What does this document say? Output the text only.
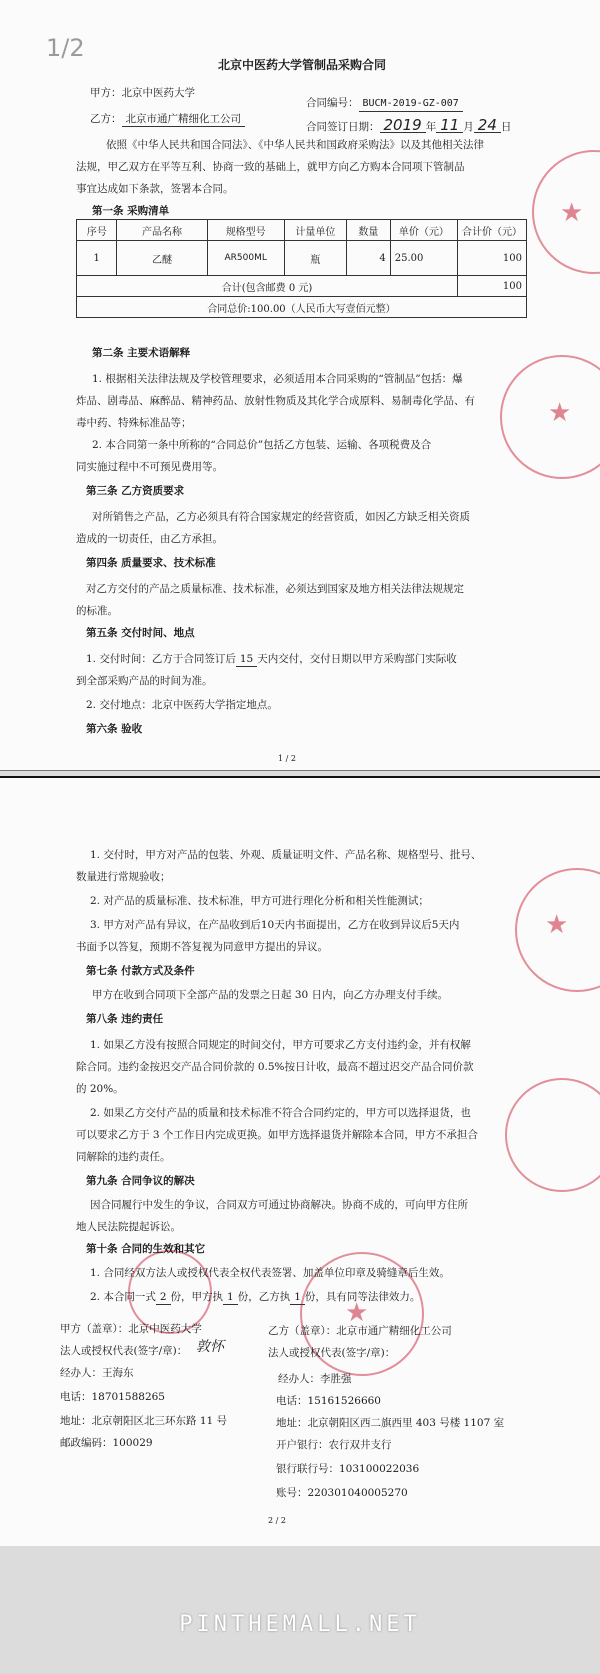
1/2
★
★
北京中医药大学管制品采购合同
甲方：北京中医药大学
合同编号： BUCM-2019-GZ-007
乙方： 北京市通广精细化工公司
合同签订日期： 2019 年 11 月 24 日
依照《中华人民共和国合同法》、《中华人民共和国政府采购法》以及其他相关法律
法规，甲乙双方在平等互利、协商一致的基础上，就甲方向乙方购本合同项下管制品
事宜达成如下条款，签署本合同。
第一条 采购清单
序号	产品名称	规格型号	计量单位	数量	单价（元）	合计价（元）
1	乙醚	AR500ML	瓶	4	25.00	100
合计(包含邮费 0 元)						100
合同总价:100.00（人民币大写壹佰元整）						
第二条 主要术语解释
1. 根据相关法律法规及学校管理要求，必须适用本合同采购的“管制品”包括：爆
炸品、剧毒品、麻醉品、精神药品、放射性物质及其化学合成原料、易制毒化学品、有
毒中药、特殊标准品等；
2. 本合同第一条中所称的“合同总价”包括乙方包装、运输、各项税费及合
同实施过程中不可预见费用等。
第三条 乙方资质要求
对所销售之产品，乙方必须具有符合国家规定的经营资质，如因乙方缺乏相关资质
造成的一切责任，由乙方承担。
第四条 质量要求、技术标准
对乙方交付的产品之质量标准、技术标准，必须达到国家及地方相关法律法规规定
的标准。
第五条 交付时间、地点
1. 交付时间：乙方于合同签订后 15 天内交付，交付日期以甲方采购部门实际收
到全部采购产品的时间为准。
2. 交付地点：北京中医药大学指定地点。
第六条 验收
1 / 2
★
★
1. 交付时，甲方对产品的包装、外观、质量证明文件、产品名称、规格型号、批号、
数量进行常规验收；
2. 对产品的质量标准、技术标准，甲方可进行理化分析和相关性能测试；
3. 甲方对产品有异议，在产品收到后10天内书面提出，乙方在收到异议后5天内
书面予以答复，预期不答复视为同意甲方提出的异议。
第七条 付款方式及条件
甲方在收到合同项下全部产品的发票之日起 30 日内，向乙方办理支付手续。
第八条 违约责任
1. 如果乙方没有按照合同规定的时间交付，甲方可要求乙方支付违约金，并有权解
除合同。违约金按迟交产品合同价款的 0.5%按日计收，最高不超过迟交产品合同价款
的 20%。
2. 如果乙方交付产品的质量和技术标准不符合合同约定的，甲方可以选择退货，也
可以要求乙方于 3 个工作日内完成更换。如甲方选择退货并解除本合同，甲方不承担合
同解除的违约责任。
第九条 合同争议的解决
因合同履行中发生的争议，合同双方可通过协商解决。协商不成的，可向甲方住所
地人民法院提起诉讼。
第十条 合同的生效和其它
1. 合同经双方法人或授权代表全权代表签署、加盖单位印章及骑缝章后生效。
2. 本合同一式 2 份，甲方执 1 份，乙方执 1 份，具有同等法律效力。
甲方（盖章）：北京中医药大学
法人或授权代表(签字/章)： 敦怀
经办人：王海东
电话：18701588265
地址：北京朝阳区北三环东路 11 号
邮政编码：100029
乙方（盖章）：北京市通广精细化工公司
法人或授权代表(签字/章)：
经办人：李胜强
电话：15161526660
地址：北京朝阳区西二旗西里 403 号楼 1107 室
开户银行：农行双井支行
银行联行号：103100022036
账号：220301040005270
2 / 2
PINTHEMALL.NET
